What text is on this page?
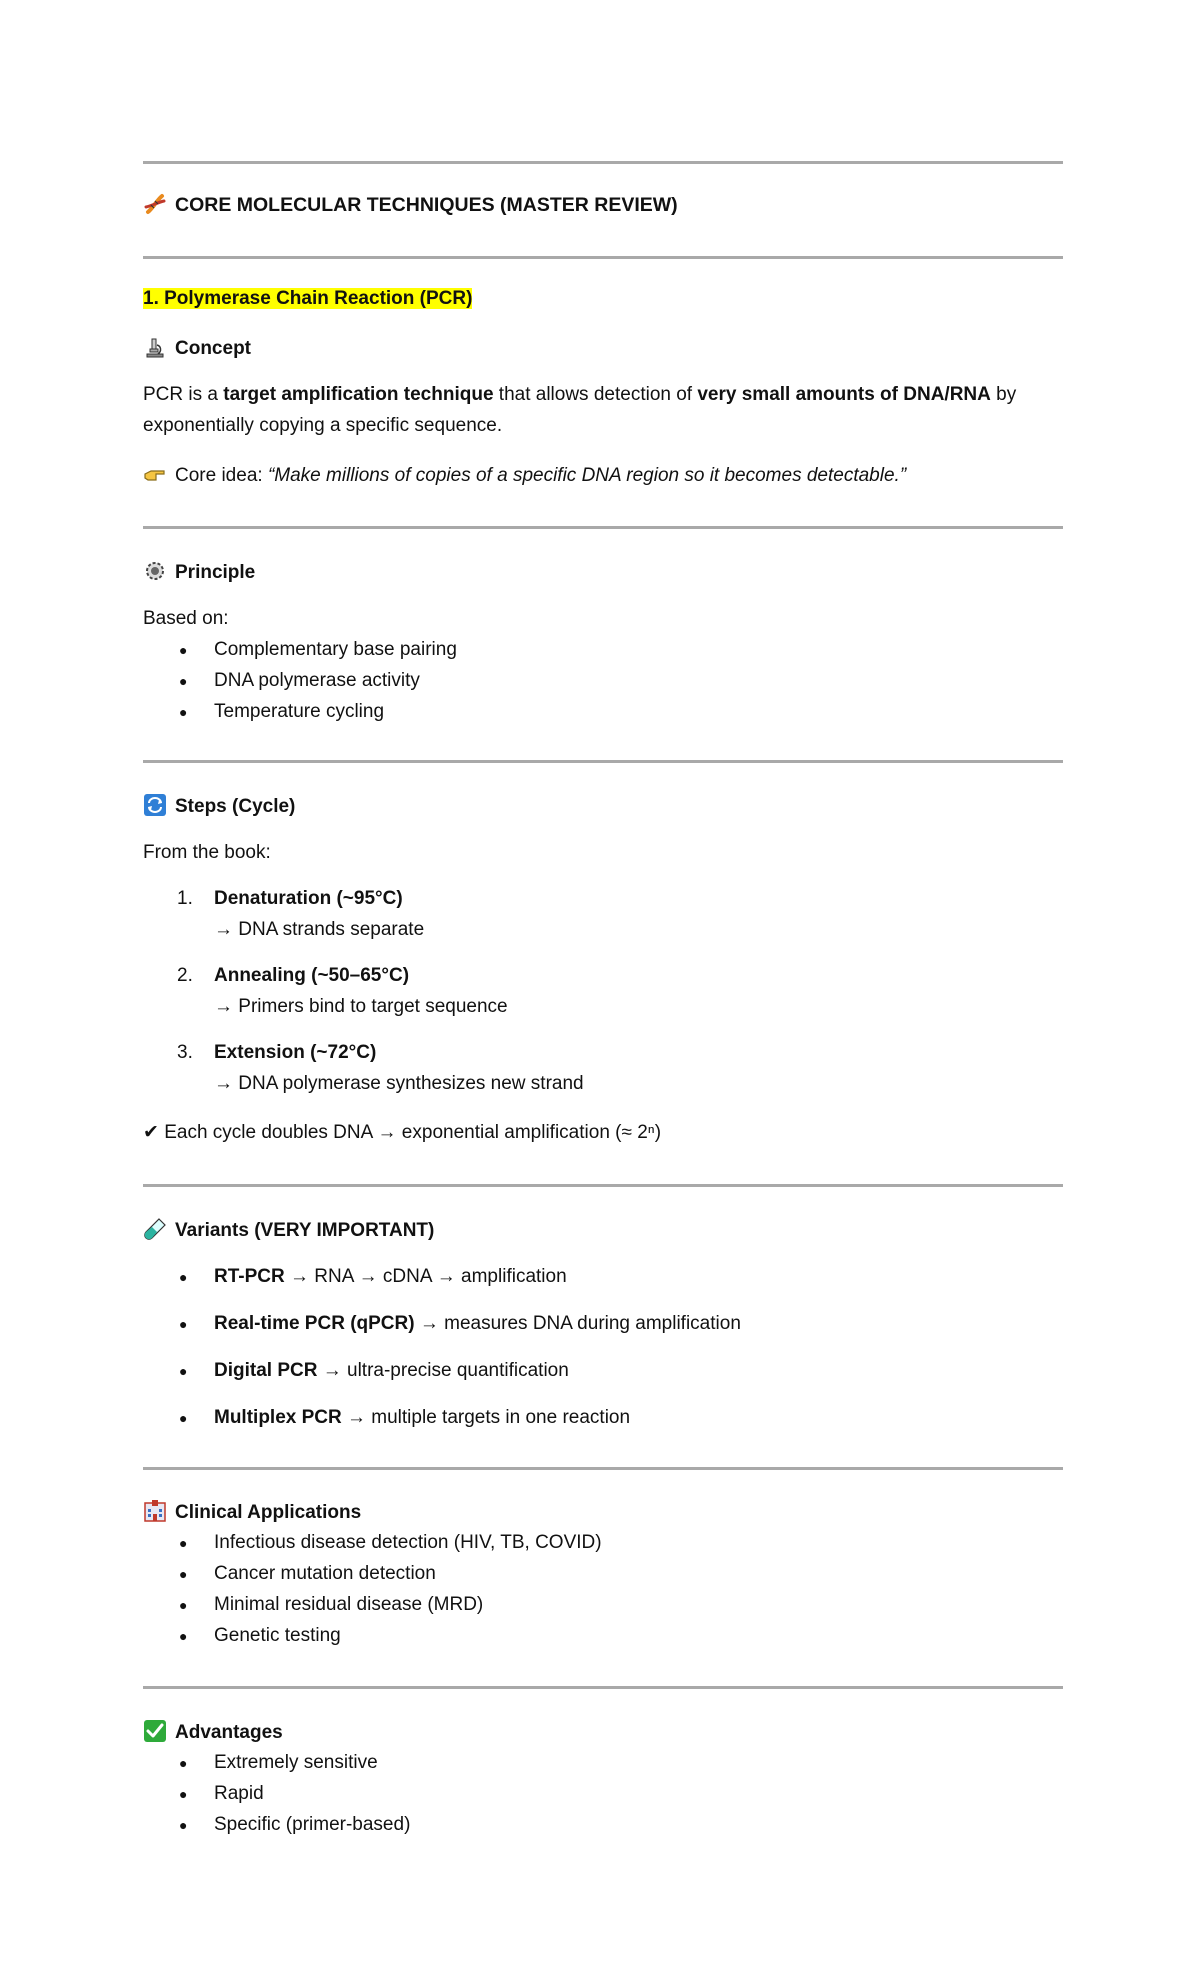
CORE MOLECULAR TECHNIQUES (MASTER REVIEW)
1. Polymerase Chain Reaction (PCR)
Concept
PCR is a target amplification technique that allows detection of very small amounts of DNA/RNA by
exponentially copying a specific sequence.
Core idea: “Make millions of copies of a specific DNA region so it becomes detectable.”
Principle
Based on:
● Complementary base pairing
● DNA polymerase activity
● Temperature cycling
Steps (Cycle)
From the book:
1. Denaturation (~95°C)
→ DNA strands separate
2. Annealing (~50–65°C)
→ Primers bind to target sequence
3. Extension (~72°C)
→ DNA polymerase synthesizes new strand
✔ Each cycle doubles DNA → exponential amplification (≈ 2ⁿ)
Variants (VERY IMPORTANT)
● RT-PCR → RNA → cDNA → amplification
● Real-time PCR (qPCR) → measures DNA during amplification
● Digital PCR → ultra-precise quantification
● Multiplex PCR → multiple targets in one reaction
Clinical Applications
● Infectious disease detection (HIV, TB, COVID)
● Cancer mutation detection
● Minimal residual disease (MRD)
● Genetic testing
Advantages
● Extremely sensitive
● Rapid
● Specific (primer-based)
